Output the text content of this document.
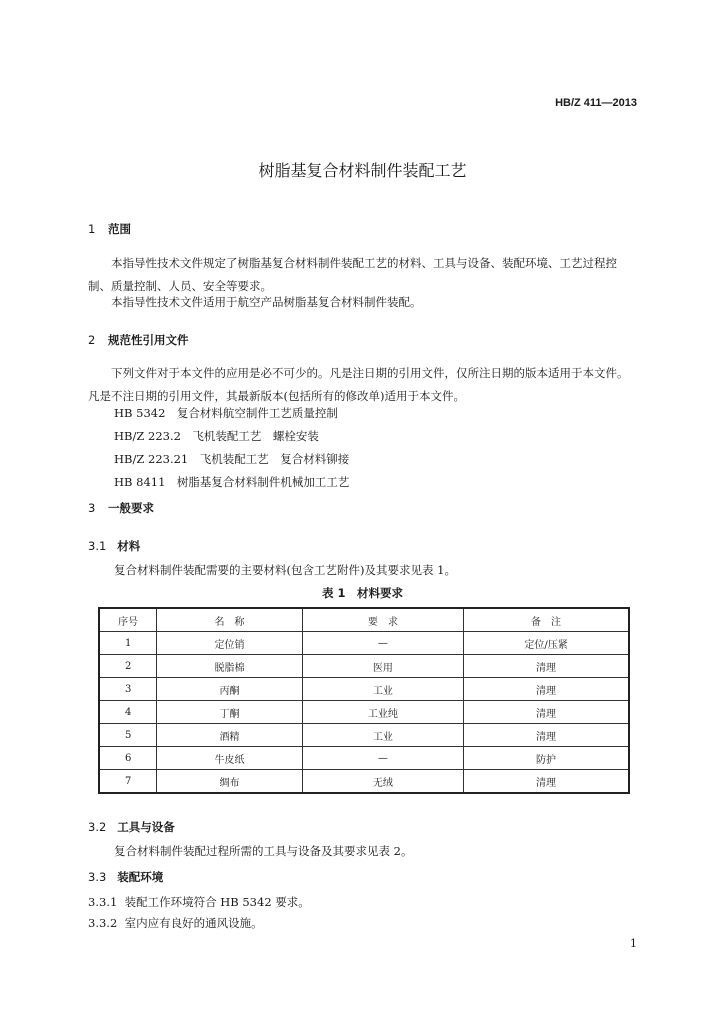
HB/Z 411—2013
树脂基复合材料制件装配工艺
1 范围
本指导性技术文件规定了树脂基复合材料制件装配工艺的材料、工具与设备、装配环境、工艺过程控制、质量控制、人员、安全等要求。
本指导性技术文件适用于航空产品树脂基复合材料制件装配。
2 规范性引用文件
下列文件对于本文件的应用是必不可少的。凡是注日期的引用文件，仅所注日期的版本适用于本文件。凡是不注日期的引用文件，其最新版本(包括所有的修改单)适用于本文件。
HB 5342　复合材料航空制件工艺质量控制
HB/Z 223.2　飞机装配工艺　螺栓安装
HB/Z 223.21　飞机装配工艺　复合材料铆接
HB 8411　树脂基复合材料制件机械加工工艺
3 一般要求
3.1 材料
复合材料制件装配需要的主要材料(包含工艺附件)及其要求见表 1。
表 1　材料要求
序号	名　称	要　求	备　注
1	定位销	—	定位/压紧
2	脱脂棉	医用	清理
3	丙酮	工业	清理
4	丁酮	工业纯	清理
5	酒精	工业	清理
6	牛皮纸	—	防护
7	绸布	无绒	清理
3.2 工具与设备
复合材料制件装配过程所需的工具与设备及其要求见表 2。
3.3 装配环境
3.3.1 装配工作环境符合 HB 5342 要求。
3.3.2 室内应有良好的通风设施。
1
